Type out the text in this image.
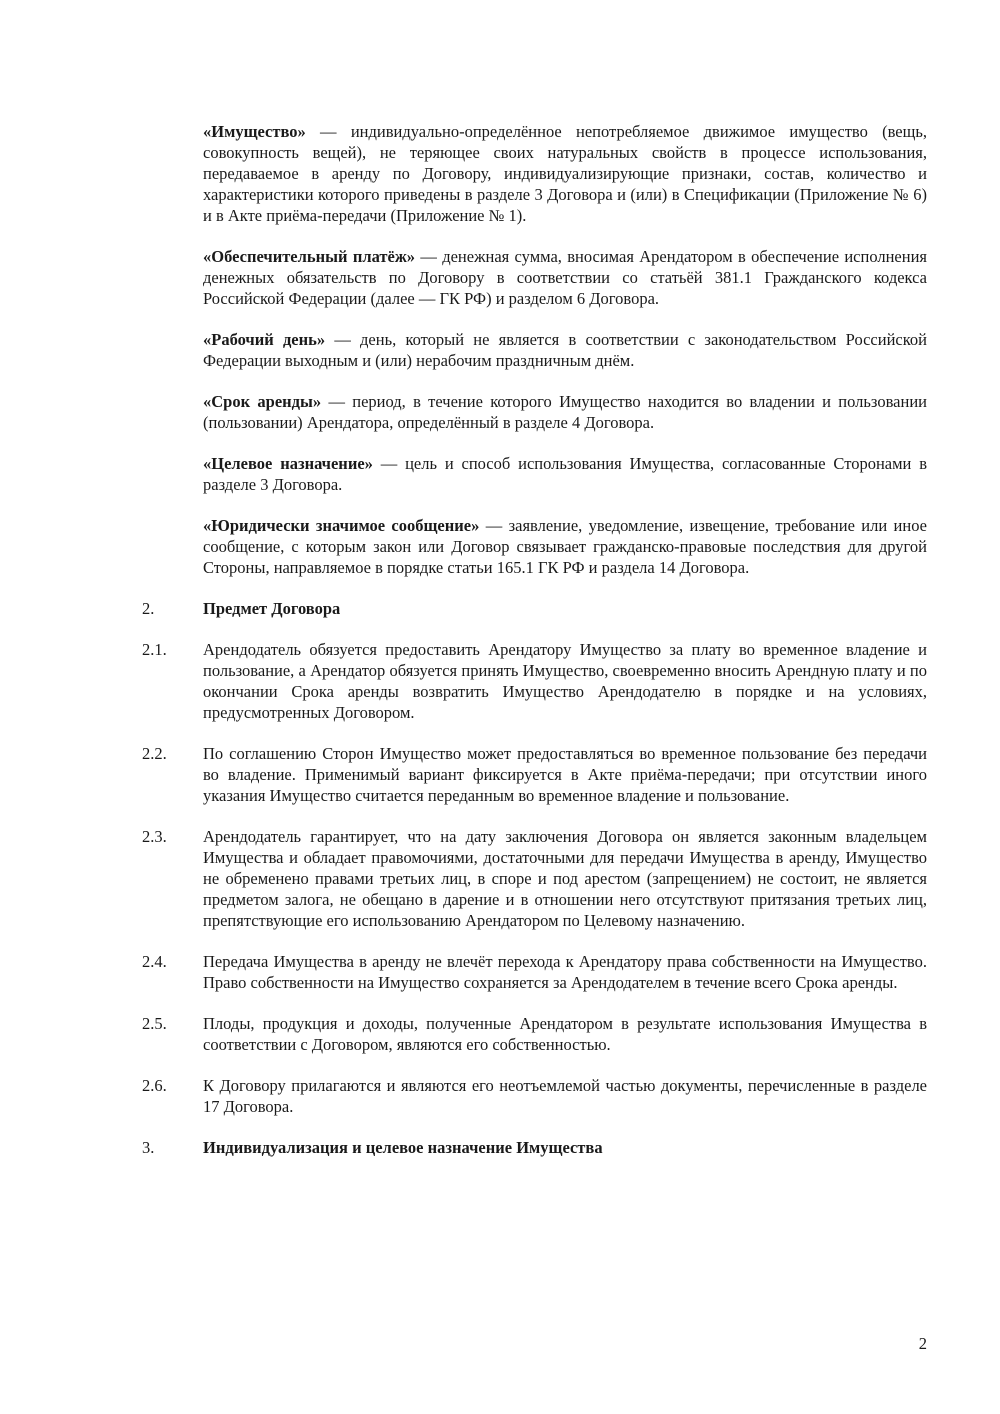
«Имущество» — индивидуально-определённое непотребляемое движимое имущество (вещь, совокупность вещей), не теряющее своих натуральных свойств в процессе использования, передаваемое в аренду по Договору, индивидуализирующие признаки, состав, количество и характеристики которого приведены в разделе 3 Договора и (или) в Спецификации (Приложение № 6) и в Акте приёма-передачи (Приложение № 1).

«Обеспечительный платёж» — денежная сумма, вносимая Арендатором в обеспечение исполнения денежных обязательств по Договору в соответствии со статьёй 381.1 Гражданского кодекса Российской Федерации (далее — ГК РФ) и разделом 6 Договора.

«Рабочий день» — день, который не является в соответствии с законодательством Российской Федерации выходным и (или) нерабочим праздничным днём.

«Срок аренды» — период, в течение которого Имущество находится во владении и пользовании (пользовании) Арендатора, определённый в разделе 4 Договора.

«Целевое назначение» — цель и способ использования Имущества, согласованные Сторонами в разделе 3 Договора.

«Юридически значимое сообщение» — заявление, уведомление, извещение, требование или иное сообщение, с которым закон или Договор связывает гражданско-правовые последствия для другой Стороны, направляемое в порядке статьи 165.1 ГК РФ и раздела 14 Договора.

2.	Предмет Договора
2.1.	Арендодатель обязуется предоставить Арендатору Имущество за плату во временное владение и пользование, а Арендатор обязуется принять Имущество, своевременно вносить Арендную плату и по окончании Срока аренды возвратить Имущество Арендодателю в порядке и на условиях, предусмотренных Договором.
2.2.	По соглашению Сторон Имущество может предоставляться во временное пользование без передачи во владение. Применимый вариант фиксируется в Акте приёма-передачи; при отсутствии иного указания Имущество считается переданным во временное владение и пользование.
2.3.	Арендодатель гарантирует, что на дату заключения Договора он является законным владельцем Имущества и обладает правомочиями, достаточными для передачи Имущества в аренду, Имущество не обременено правами третьих лиц, в споре и под арестом (запрещением) не состоит, не является предметом залога, не обещано в дарение и в отношении него отсутствуют притязания третьих лиц, препятствующие его использованию Арендатором по Целевому назначению.
2.4.	Передача Имущества в аренду не влечёт перехода к Арендатору права собственности на Имущество. Право собственности на Имущество сохраняется за Арендодателем в течение всего Срока аренды.
2.5.	Плоды, продукция и доходы, полученные Арендатором в результате использования Имущества в соответствии с Договором, являются его собственностью.
2.6.	К Договору прилагаются и являются его неотъемлемой частью документы, перечисленные в разделе 17 Договора.
3.	Индивидуализация и целевое назначение Имущества
2
